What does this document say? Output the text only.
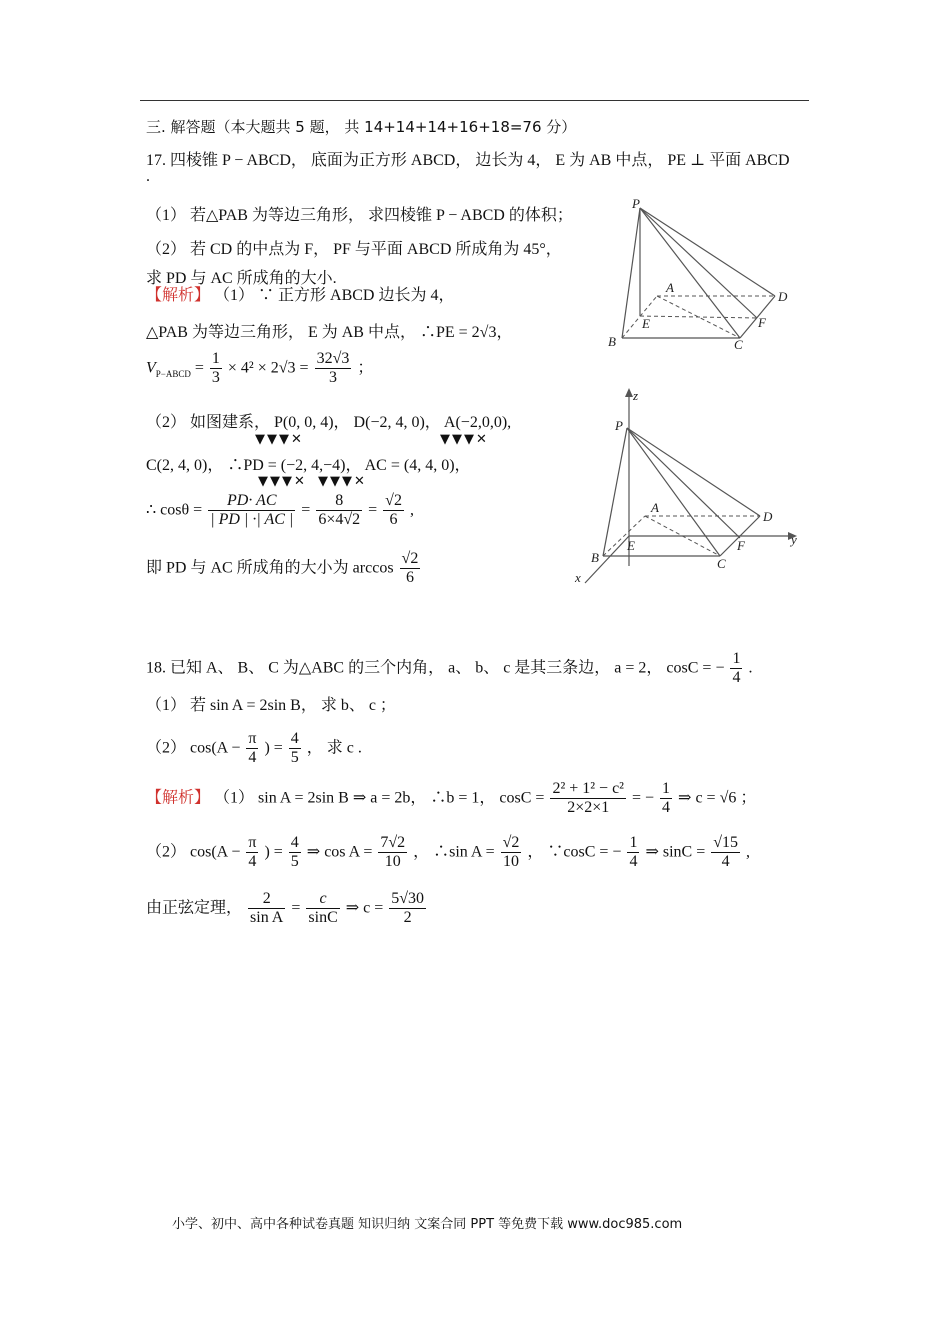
三. 解答题（本大题共 5 题， 共 14+14+14+16+18=76 分）
17. 四棱锥 P − ABCD， 底面为正方形 ABCD， 边长为 4， E 为 AB 中点， PE ⊥ 平面 ABCD
.
（1） 若△PAB 为等边三角形， 求四棱锥 P − ABCD 的体积；
（2） 若 CD 的中点为 F， PF 与平面 ABCD 所成角为 45°，
求 PD 与 AC 所成角的大小.
【解析】 （1） ∵ 正方形 ABCD 边长为 4，
△PAB 为等边三角形， E 为 AB 中点， ∴PE = 2√3，
$V_{P-ABCD} = \frac{1}{3} \times 4^2 \times 2√3 = \frac{32√3}{3}$ ；
（2） 如图建系， P(0, 0, 4)， D(−2, 4, 0)， A(−2,0,0),
▼▼▼✕	▼▼▼✕
C(2, 4, 0)， ∴PD = (−2, 4,−4)， AC = (4, 4, 0)，
▼▼▼✕ ▼▼▼✕
∴ $\cos\theta = \frac{PD\cdot AC}{| PD | \cdot| AC |} = \frac{8}{6\times 4√2} = \frac{√2}{6}$ ,
即 PD 与 AC 所成角的大小为 $\arccos \frac{√2}{6}$
P
A
D
E	F
B	C
z
P
A
D
E	F	y
B	C
x
18. 已知 A、 B、 C 为△ABC 的三个内角， a、 b、 c 是其三条边， a = 2， cosC = − $\frac{1}{4}$ .
（1） 若 sin A = 2sin B， 求 b、 c ；
（2） $\cos(A - \frac{\pi}{4}$ ) = $\frac{4}{5}$ ， 求 c .
【解析】 （1） sin A = 2sin B ⇒ a = 2b， ∴b = 1， $\cos C = \frac{\text{2² + 1² − c²}}{2\times 2\times 1}$ = − $\frac{1}{4}$ ⇒ c = √6 ；
（2） $\cos(A - \frac{\pi}{4}$ ) = $\frac{4}{5}$ ⇒ $\cos A = \frac{7√2}{10}$ ， ∴sin $A = \frac{√2}{10}$ ， ∵cosC = − $\frac{1}{4}$ ⇒ $\sin C = \frac{√15}{4}$ ,
由正弦定理， $\frac{2}{\text{sin A}} = \frac{c}{\sin C}$ ⇒ $c = \frac{5√30}{2}$
小学、初中、高中各种试卷真题 知识归纳 文案合同 PPT 等免费下载 www.doc985.com
